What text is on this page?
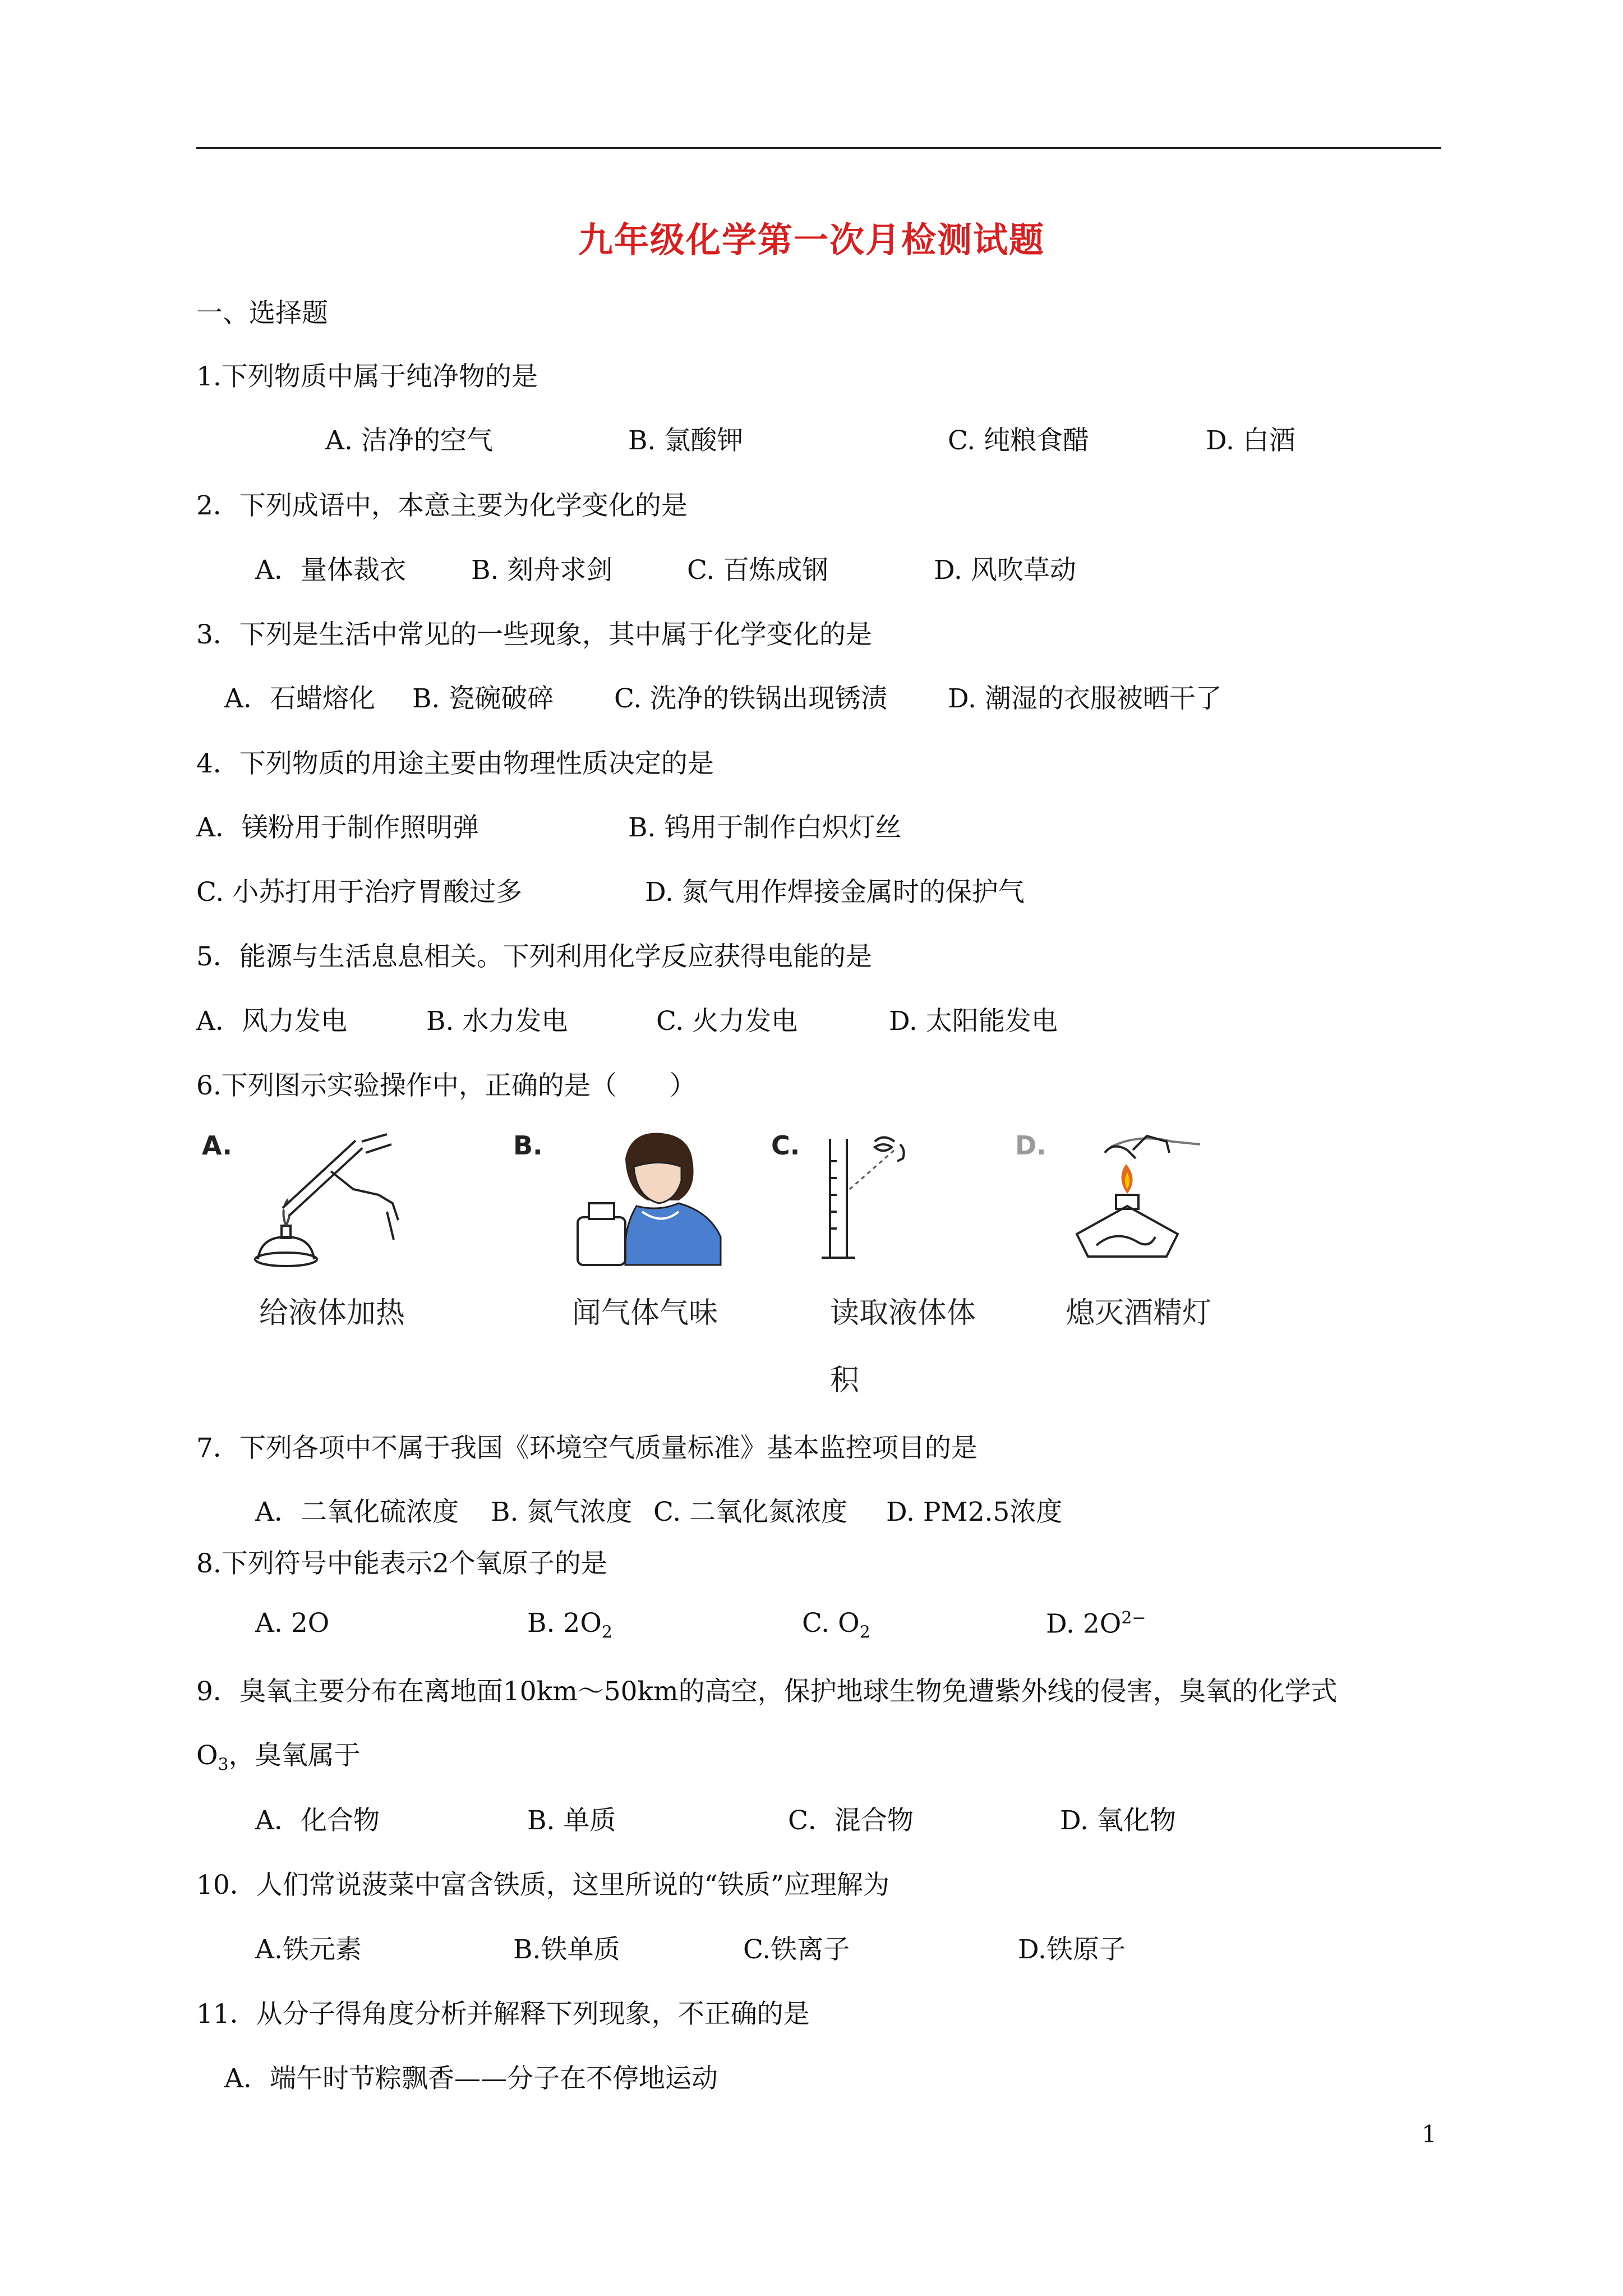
九年级化学第一次月检测试题
一、选择题
1.下列物质中属于纯净物的是
A. 洁净的空气	B. 氯酸钾	C. 纯粮食醋	D. 白酒
2．下列成语中，本意主要为化学变化的是
A．量体裁衣 B. 刻舟求剑	C. 百炼成钢	D. 风吹草动
3．下列是生活中常见的一些现象，其中属于化学变化的是
A．石蜡熔化 B. 瓷碗破碎 C. 洗净的铁锅出现锈渍 D. 潮湿的衣服被晒干了
4．下列物质的用途主要由物理性质决定的是
A．镁粉用于制作照明弹	B. 钨用于制作白炽灯丝
C. 小苏打用于治疗胃酸过多	D. 氮气用作焊接金属时的保护气
5．能源与生活息息相关。下列利用化学反应获得电能的是
A．风力发电	B. 水力发电	C. 火力发电	D. 太阳能发电
6.下列图示实验操作中，正确的是（　　）
A.	B.	C.	D.
给液体加热	闻气体气味	读取液体体
积
熄灭酒精灯
7．下列各项中不属于我国《环境空气质量标准》基本监控项目的是
A．二氧化硫浓度 B. 氮气浓度 C. 二氧化氮浓度 D. PM2.5浓度
8.下列符号中能表示2个氧原子的是
A. 2O	B. $2O_2$	C. $O_2$	D. $2O^{2-}$
9．臭氧主要分布在离地面10km～50km的高空，保护地球生物免遭紫外线的侵害，臭氧的化学式
$O_3$，臭氧属于
A．化合物	B. 单质	C．混合物	D. 氧化物
10．人们常说菠菜中富含铁质，这里所说的“铁质”应理解为
A.铁元素	B.铁单质	C.铁离子	D.铁原子
11．从分子得角度分析并解释下列现象，不正确的是
A．端午时节粽飘香——分子在不停地运动
1
